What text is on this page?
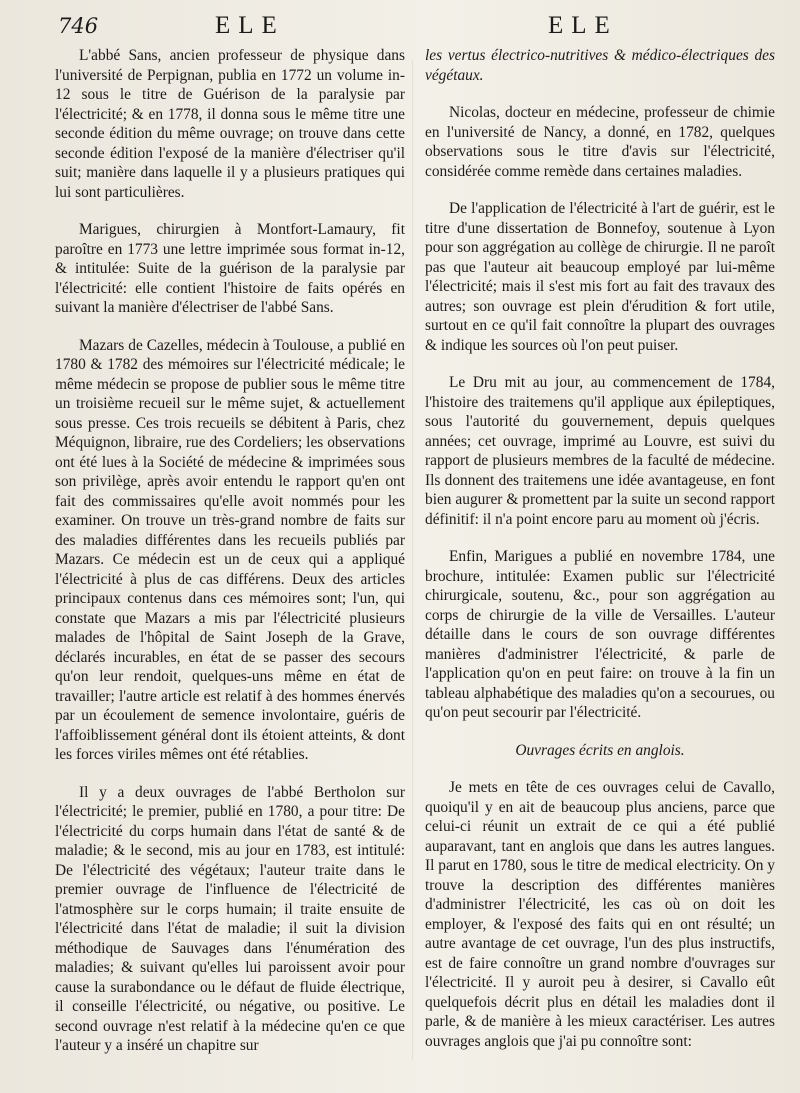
746	ELE	ELE

L'abbé Sans, ancien professeur de physique dans l'université de Perpignan, publia en 1772 un volume in-12 sous le titre de Guérison de la paralysie par l'électricité; & en 1778, il donna sous le même titre une seconde édition du même ouvrage; on trouve dans cette seconde édition l'exposé de la manière d'électriser qu'il suit; manière dans laquelle il y a plusieurs pratiques qui lui sont particulières.

Marigues, chirurgien à Montfort-Lamaury, fit paroître en 1773 une lettre imprimée sous format in-12, & intitulée: Suite de la guérison de la paralysie par l'électricité: elle contient l'histoire de faits opérés en suivant la manière d'électriser de l'abbé Sans.

Mazars de Cazelles, médecin à Toulouse, a publié en 1780 & 1782 des mémoires sur l'électricité médicale; le même médecin se propose de publier sous le même titre un troisième recueil sur le même sujet, & actuellement sous presse. Ces trois recueils se débitent à Paris, chez Méquignon, libraire, rue des Cordeliers; les observations ont été lues à la Société de médecine & imprimées sous son privilège, après avoir entendu le rapport qu'en ont fait des commissaires qu'elle avoit nommés pour les examiner. On trouve un très-grand nombre de faits sur des maladies différentes dans les recueils publiés par Mazars. Ce médecin est un de ceux qui a appliqué l'électricité à plus de cas différens. Deux des articles principaux contenus dans ces mémoires sont; l'un, qui constate que Mazars a mis par l'électricité plusieurs malades de l'hôpital de Saint Joseph de la Grave, déclarés incurables, en état de se passer des secours qu'on leur rendoit, quelques-uns même en état de travailler; l'autre article est relatif à des hommes énervés par un écoulement de semence involontaire, guéris de l'affoiblissement général dont ils étoient atteints, & dont les forces viriles mêmes ont été rétablies.

Il y a deux ouvrages de l'abbé Bertholon sur l'électricité; le premier, publié en 1780, a pour titre: De l'électricité du corps humain dans l'état de santé & de maladie; & le second, mis au jour en 1783, est intitulé: De l'électricité des végétaux; l'auteur traite dans le premier ouvrage de l'influence de l'électricité de l'atmosphère sur le corps humain; il traite ensuite de l'électricité dans l'état de maladie; il suit la division méthodique de Sauvages dans l'énumération des maladies; & suivant qu'elles lui paroissent avoir pour cause la surabondance ou le défaut de fluide électrique, il conseille l'électricité, ou négative, ou positive. Le second ouvrage n'est relatif à la médecine qu'en ce que l'auteur y a inséré un chapitre sur

les vertus électrico-nutritives & médico-électriques des végétaux.

Nicolas, docteur en médecine, professeur de chimie en l'université de Nancy, a donné, en 1782, quelques observations sous le titre d'avis sur l'électricité, considérée comme remède dans certaines maladies.

De l'application de l'électricité à l'art de guérir, est le titre d'une dissertation de Bonnefoy, soutenue à Lyon pour son aggrégation au collège de chirurgie. Il ne paroît pas que l'auteur ait beaucoup employé par lui-même l'électricité; mais il s'est mis fort au fait des travaux des autres; son ouvrage est plein d'érudition & fort utile, surtout en ce qu'il fait connoître la plupart des ouvrages & indique les sources où l'on peut puiser.

Le Dru mit au jour, au commencement de 1784, l'histoire des traitemens qu'il applique aux épileptiques, sous l'autorité du gouvernement, depuis quelques années; cet ouvrage, imprimé au Louvre, est suivi du rapport de plusieurs membres de la faculté de médecine. Ils donnent des traitemens une idée avantageuse, en font bien augurer & promettent par la suite un second rapport définitif: il n'a point encore paru au moment où j'écris.

Enfin, Marigues a publié en novembre 1784, une brochure, intitulée: Examen public sur l'électricité chirurgicale, soutenu, &c., pour son aggrégation au corps de chirurgie de la ville de Versailles. L'auteur détaille dans le cours de son ouvrage différentes manières d'administrer l'électricité, & parle de l'application qu'on en peut faire: on trouve à la fin un tableau alphabétique des maladies qu'on a secourues, ou qu'on peut secourir par l'électricité.

Ouvrages écrits en anglois.

Je mets en tête de ces ouvrages celui de Cavallo, quoiqu'il y en ait de beaucoup plus anciens, parce que celui-ci réunit un extrait de ce qui a été publié auparavant, tant en anglois que dans les autres langues. Il parut en 1780, sous le titre de medical electricity. On y trouve la description des différentes manières d'administrer l'électricité, les cas où on doit les employer, & l'exposé des faits qui en ont résulté; un autre avantage de cet ouvrage, l'un des plus instructifs, est de faire connoître un grand nombre d'ouvrages sur l'électricité. Il y auroit peu à desirer, si Cavallo eût quelquefois décrit plus en détail les maladies dont il parle, & de manière à les mieux caractériser. Les autres ouvrages anglois que j'ai pu connoître sont:
